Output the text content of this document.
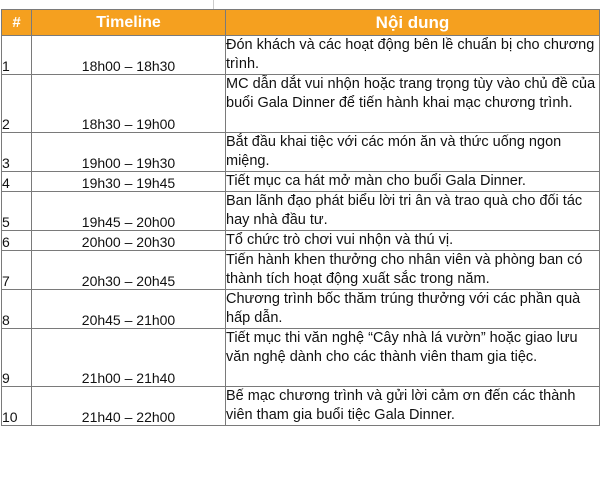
#	Timeline	Nội dung
1	18h00 – 18h30	Đón khách và các hoạt động bên lề chuẩn bị cho chương trình.
2	18h30 – 19h00	MC dẫn dắt vui nhộn hoặc trang trọng tùy vào chủ đề của buổi Gala Dinner để tiến hành khai mạc chương trình.
3	19h00 – 19h30	Bắt đầu khai tiệc với các món ăn và thức uống ngon miệng.
4	19h30 – 19h45	Tiết mục ca hát mở màn cho buổi Gala Dinner.
5	19h45 – 20h00	Ban lãnh đạo phát biểu lời tri ân và trao quà cho đối tác hay nhà đầu tư.
6	20h00 – 20h30	Tổ chức trò chơi vui nhộn và thú vị.
7	20h30 – 20h45	Tiến hành khen thưởng cho nhân viên và phòng ban có thành tích hoạt động xuất sắc trong năm.
8	20h45 – 21h00	Chương trình bốc thăm trúng thưởng với các phần quà hấp dẫn.
9	21h00 – 21h40	Tiết mục thi văn nghệ “Cây nhà lá vườn” hoặc giao lưu văn nghệ dành cho các thành viên tham gia tiệc.
10	21h40 – 22h00	Bế mạc chương trình và gửi lời cảm ơn đến các thành viên tham gia buổi tiệc Gala Dinner.
